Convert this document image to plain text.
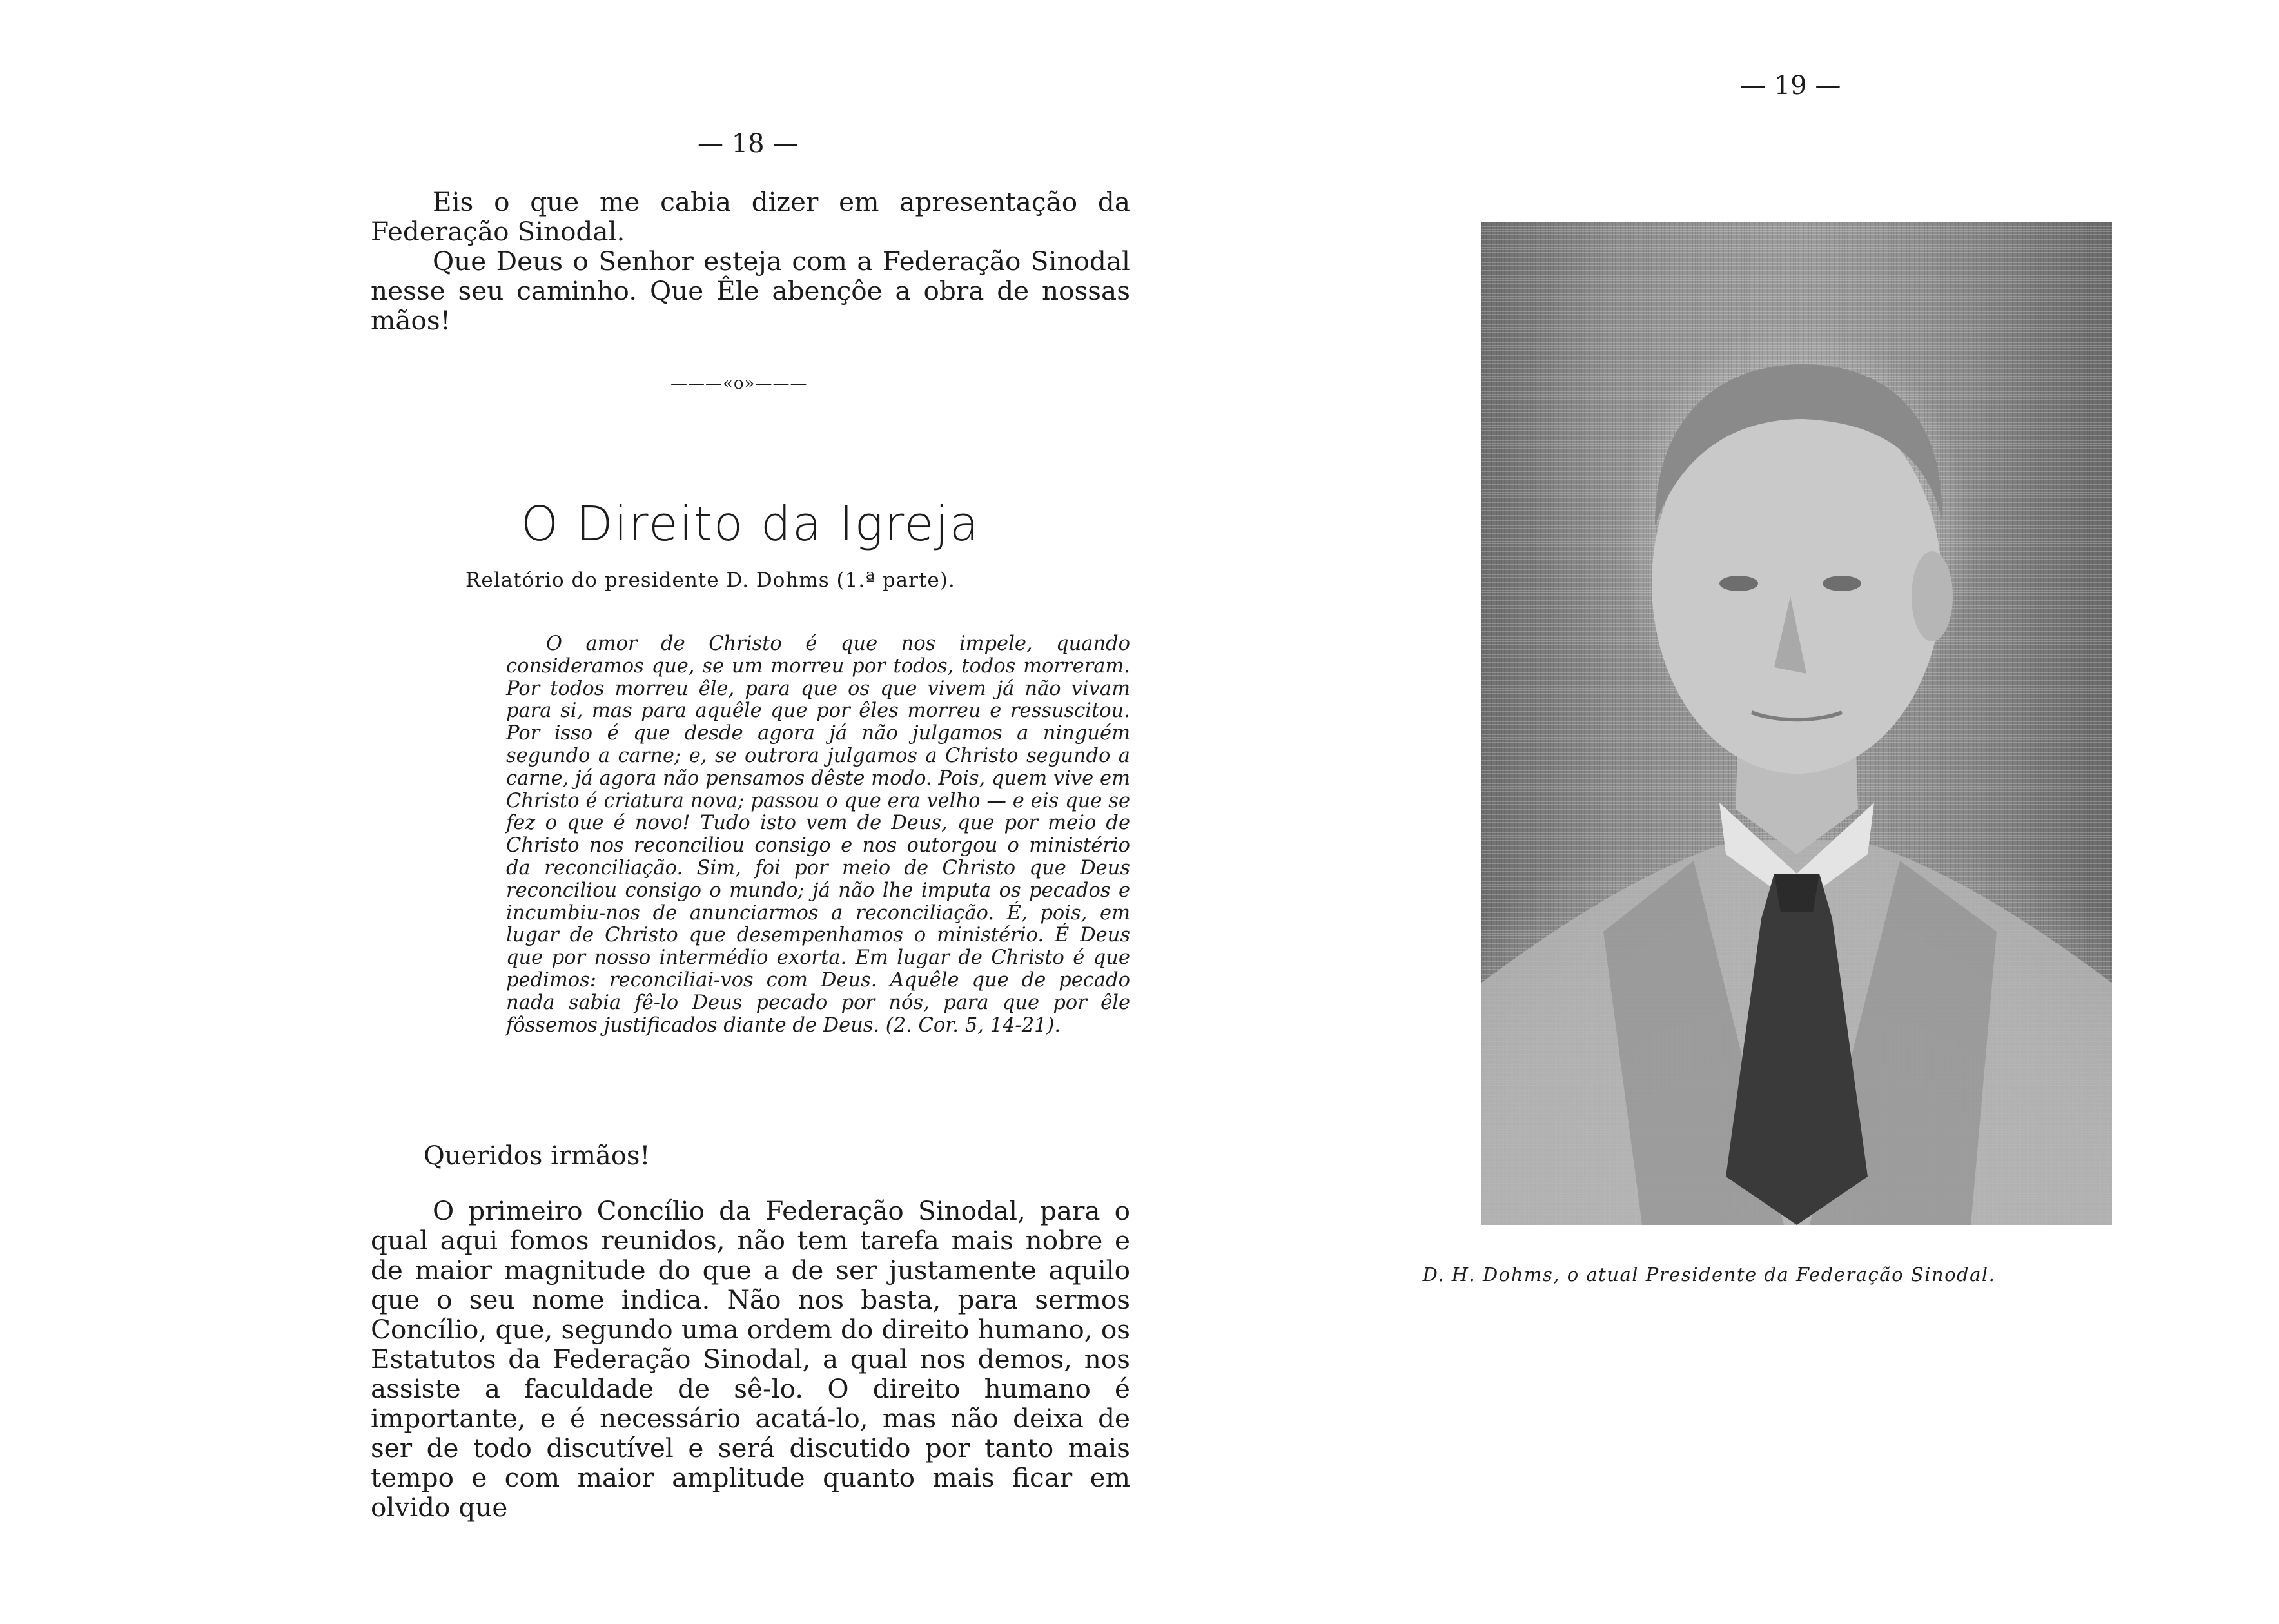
— 18 —

Eis o que me cabia dizer em apresentação da Federação Sinodal.

Que Deus o Senhor esteja com a Federação Sinodal nesse seu caminho. Que Êle abençôe a obra de nossas mãos!

———«o»———
O Direito da Igreja
Relatório do presidente D. Dohms (1.ª parte).
O amor de Christo é que nos impele, quando consideramos que, se um morreu por todos, todos morreram. Por todos morreu êle, para que os que vivem já não vivam para si, mas para aquêle que por êles morreu e ressuscitou. Por isso é que desde agora já não julgamos a ninguém segundo a carne; e, se outrora julgamos a Christo segundo a carne, já agora não pensamos dêste modo. Pois, quem vive em Christo é criatura nova; passou o que era velho — e eis que se fez o que é novo! Tudo isto vem de Deus, que por meio de Christo nos reconciliou consigo e nos outorgou o ministério da reconciliação. Sim, foi por meio de Christo que Deus reconciliou consigo o mundo; já não lhe imputa os pecados e incumbiu-nos de anunciarmos a reconciliação. É, pois, em lugar de Christo que desempenhamos o ministério. É Deus que por nosso intermédio exorta. Em lugar de Christo é que pedimos: reconciliai-vos com Deus. Aquêle que de pecado nada sabia fê-lo Deus pecado por nós, para que por êle fôssemos justificados diante de Deus. (2. Cor. 5, 14-21).
Queridos irmãos!

O primeiro Concílio da Federação Sinodal, para o qual aqui fomos reunidos, não tem tarefa mais nobre e de maior magnitude do que a de ser justamente aquilo que o seu nome indica. Não nos basta, para sermos Concílio, que, segundo uma ordem do direito humano, os Estatutos da Federação Sinodal, a qual nos demos, nos assiste a faculdade de sê-lo. O direito humano é importante, e é necessário acatá-lo, mas não deixa de ser de todo discutível e será discutido por tanto mais tempo e com maior amplitude quanto mais ficar em olvido que

— 19 —
D. H. Dohms, o atual Presidente da Federação Sinodal.
